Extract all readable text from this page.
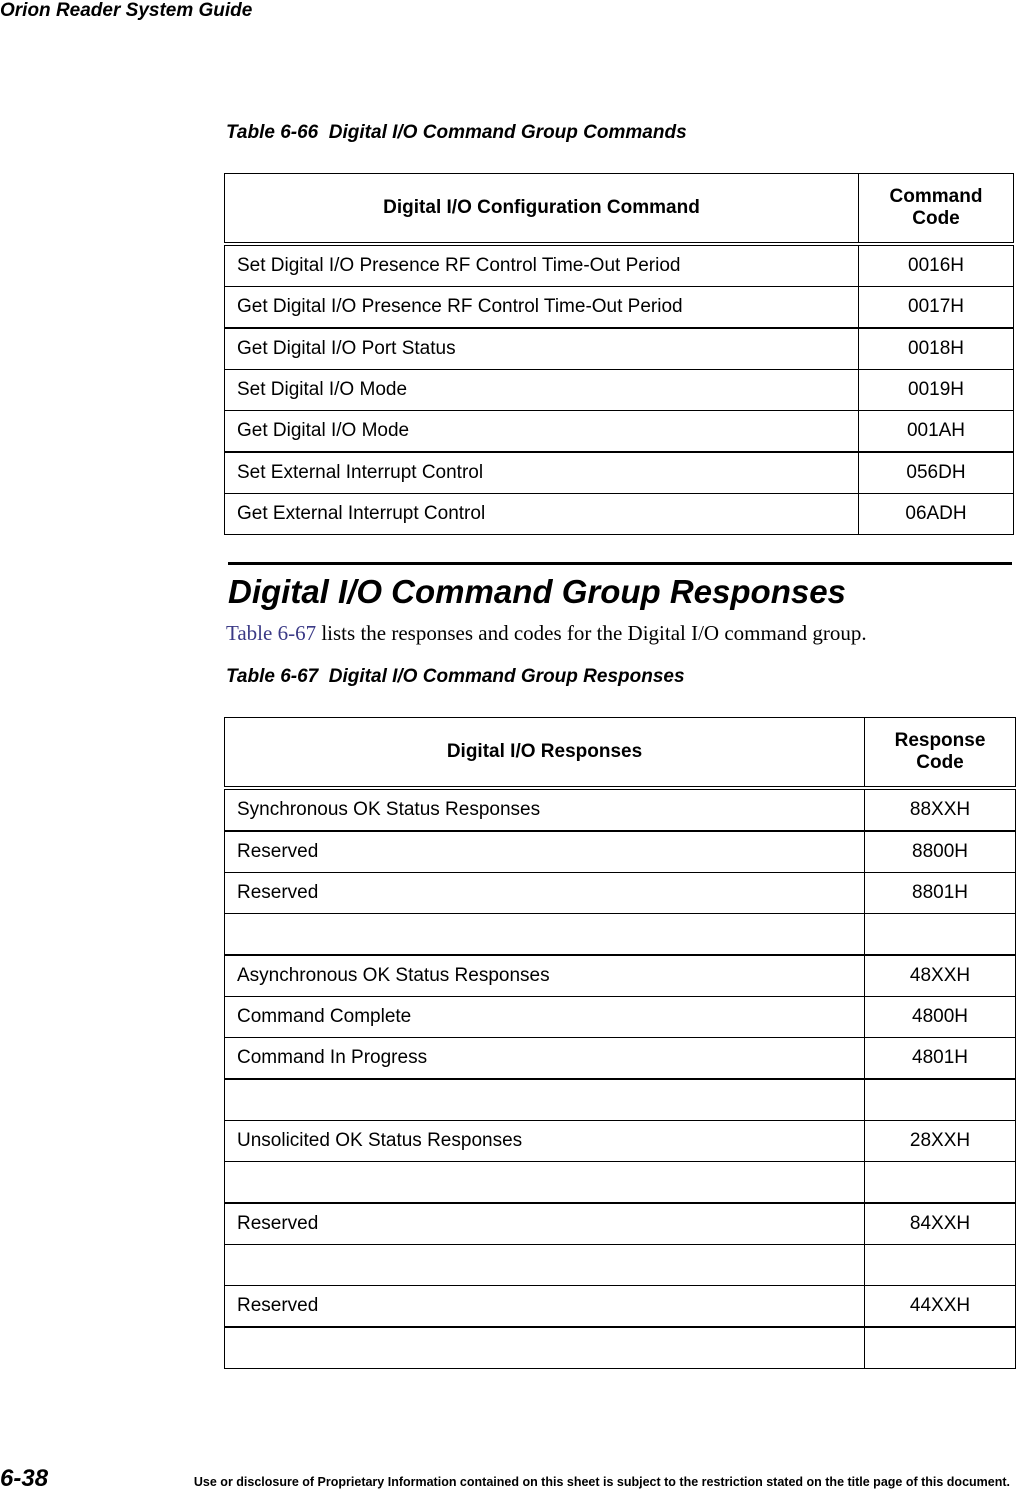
Orion Reader System Guide
Table 6-66  Digital I/O Command Group Commands
Digital I/O Configuration Command	Command
Code

Set Digital I/O Presence RF Control Time-Out Period	0016H
Get Digital I/O Presence RF Control Time-Out Period	0017H
Get Digital I/O Port Status	0018H
Set Digital I/O Mode	0019H
Get Digital I/O Mode	001AH
Set External Interrupt Control	056DH
Get External Interrupt Control	06ADH
Digital I/O Command Group Responses
Table 6-67 lists the responses and codes for the Digital I/O command group.
Table 6-67  Digital I/O Command Group Responses
Digital I/O Responses	Response
Code

Synchronous OK Status Responses	88XXH
Reserved	8800H
Reserved	8801H

Asynchronous OK Status Responses	48XXH
Command Complete	4800H
Command In Progress	4801H

Unsolicited OK Status Responses	28XXH

Reserved	84XXH

Reserved	44XXH

6-38	Use or disclosure of Proprietary Information contained on this sheet is subject to the restriction stated on the title page of this document.
